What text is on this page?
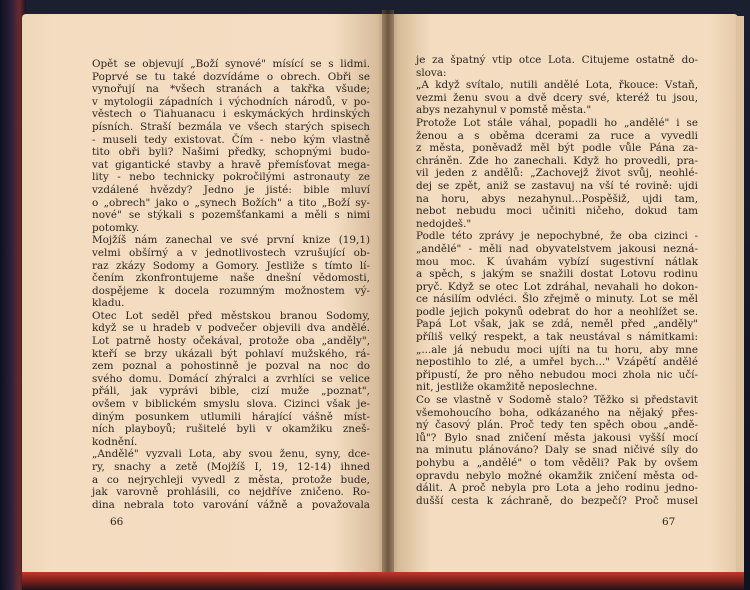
Opět se objevují „Boží synové" mísící se s lidmi.
Poprvé se tu také dozvídáme o obrech. Obři se
vynořují na *všech stranách a takřka všude;
v mytologii západních i východních národů, v po-
věstech o Tiahuanacu i eskymáckých hrdinských
písních. Straší bezmála ve všech starých spisech
- museli tedy existovat. Čím - nebo kým vlastně
tito obři byli? Našimi předky, schopnými budo-
vat gigantické stavby a hravě přemísťovat mega-
lity - nebo technicky pokročilými astronauty ze
vzdálené hvězdy? Jedno je jisté: bible mluví
o „obrech" jako o „synech Božích" a tito „Boží sy-
nové" se stýkali s pozemšťankami a měli s nimi
potomky.
Mojžíš nám zanechal ve své první knize (19,1)
velmi obšírný a v jednotlivostech vzrušující ob-
raz zkázy Sodomy a Gomory. Jestliže s tímto lí-
čením zkonfrontujeme naše dnešní vědomosti,
dospějeme k docela rozumným možnostem vý-
kladu.
Otec Lot seděl před městskou branou Sodomy,
když se u hradeb v podvečer objevili dva andělé.
Lot patrně hosty očekával, protože oba „anděly",
kteří se brzy ukázali být pohlaví mužského, rá-
zem poznal a pohostinně je pozval na noc do
svého domu. Domácí zhýralci a zvrhlíci se velice
přáli, jak vyprávi bible, cizí muže „poznat",
ovšem v biblickém smyslu slova. Cizinci však je-
diným posunkem utlumili hárající vášně míst-
ních playboyů; rušitelé byli v okamžiku zneš-
kodnění.
„Andělé" vyzvali Lota, aby svou ženu, syny, dce-
ry, snachy a zetě (Mojžíš I, 19, 12-14) ihned
a co nejrychleji vyvedl z města, protože bude,
jak varovně prohlásili, co nejdříve zničeno. Ro-
dina nebrala toto varování vážně a považovala
66
je za špatný vtip otce Lota. Citujeme ostatně do-
slova:
„A když svítalo, nutili andělé Lota, řkouce: Vstaň,
vezmi ženu svou a dvě dcery své, kteréž tu jsou,
abys nezahynul v pomstě města."
Protože Lot stále váhal, popadli ho „andělé" i se
ženou a s oběma dcerami za ruce a vyvedli
z města, poněvadž měl být podle vůle Pána za-
chráněn. Zde ho zanechali. Když ho provedli, pra-
vil jeden z andělů: „Zachovejž život svůj, neohlé-
dej se zpět, aniž se zastavuj na vší té rovině: ujdi
na horu, abys nezahynul...Pospěšiž, ujdi tam,
nebot nebudu moci učiniti ničeho, dokud tam
nedojdeš."
Podle této zprávy je nepochybné, že oba cizinci -
„andělé" - měli nad obyvatelstvem jakousi nezná-
mou moc. K úvahám vybízí sugestivní nátlak
a spěch, s jakým se snažili dostat Lotovu rodinu
pryč. Když se otec Lot zdráhal, nevahali ho dokon-
ce násilím odvléci. Šlo zřejmě o minuty. Lot se měl
podle jejich pokynů odebrat do hor a neohlížet se.
Papá Lot však, jak se zdá, neměl před „anděly"
příliš velký respekt, a tak neustával s námitkami:
„...ale já nebudu moci ujíti na tu horu, aby mne
nepostihlo to zlé, a umřel bych..." Vzápětí andělé
připustí, že pro něho nebudou moci zhola nic učí-
nit, jestliže okamžitě neposlechne.
Co se vlastně v Sodomě stalo? Těžko si představit
všemohoucího boha, odkázaného na nějaký přes-
ný časový plán. Proč tedy ten spěch obou „andě-
lů"? Bylo snad zničení města jakousi vyšší mocí
na minutu plánováno? Daly se snad ničivé síly do
pohybu a „andělé" o tom věděli? Pak by ovšem
opravdu nebylo možné okamžik zničení města od-
dálit. A proč nebyla pro Lota a jeho rodinu jedno-
dušší cesta k záchraně, do bezpečí? Proč musel
67
